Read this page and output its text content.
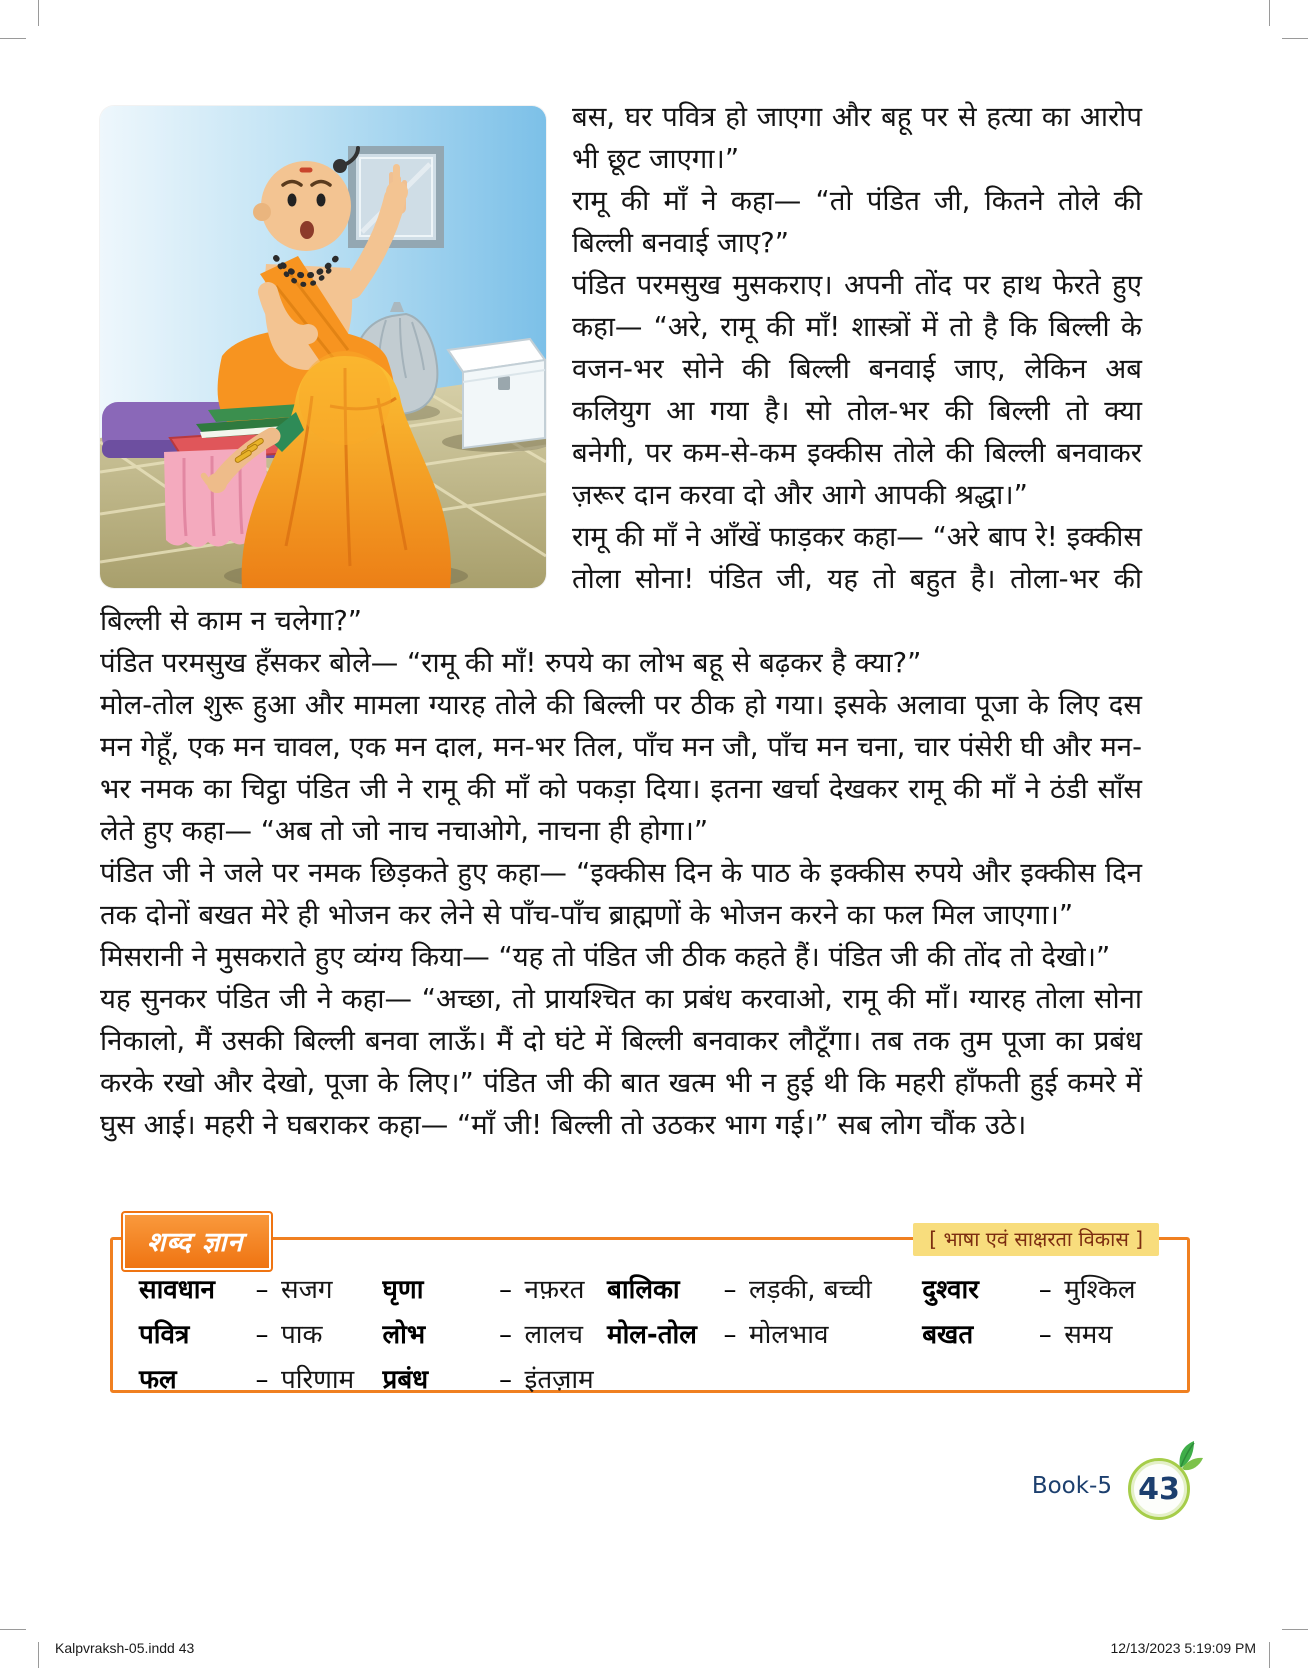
बस, घर पवित्र हो जाएगा और बहू पर से हत्या का आरोप भी छूट जाएगा।”

रामू की माँ ने कहा— “तो पंडित जी, कितने तोले की बिल्ली बनवाई जाए?”

पंडित परमसुख मुसकराए। अपनी तोंद पर हाथ फेरते हुए कहा— “अरे, रामू की माँ! शास्त्रों में तो है कि बिल्ली के वजन-भर सोने की बिल्ली बनवाई जाए, लेकिन अब कलियुग आ गया है। सो तोल-भर की बिल्ली तो क्या बनेगी, पर कम-से-कम इक्कीस तोले की बिल्ली बनवाकर ज़रूर दान करवा दो और आगे आपकी श्रद्धा।”

रामू की माँ ने आँखें फाड़कर कहा— “अरे बाप रे! इक्कीस तोला सोना! पंडित जी, यह तो बहुत है। तोला-भर की बिल्ली से काम न चलेगा?”

पंडित परमसुख हँसकर बोले— “रामू की माँ! रुपये का लोभ बहू से बढ़कर है क्या?”

मोल-तोल शुरू हुआ और मामला ग्यारह तोले की बिल्ली पर ठीक हो गया। इसके अलावा पूजा के लिए दस मन गेहूँ, एक मन चावल, एक मन दाल, मन-भर तिल, पाँच मन जौ, पाँच मन चना, चार पंसेरी घी और मन-भर नमक का चिट्ठा पंडित जी ने रामू की माँ को पकड़ा दिया। इतना खर्चा देखकर रामू की माँ ने ठंडी साँस लेते हुए कहा— “अब तो जो नाच नचाओगे, नाचना ही होगा।”

पंडित जी ने जले पर नमक छिड़कते हुए कहा— “इक्कीस दिन के पाठ के इक्कीस रुपये और इक्कीस दिन तक दोनों बखत मेरे ही भोजन कर लेने से पाँच-पाँच ब्राह्मणों के भोजन करने का फल मिल जाएगा।”

मिसरानी ने मुसकराते हुए व्यंग्य किया— “यह तो पंडित जी ठीक कहते हैं। पंडित जी की तोंद तो देखो।”

यह सुनकर पंडित जी ने कहा— “अच्छा, तो प्रायश्चित का प्रबंध करवाओ, रामू की माँ। ग्यारह तोला सोना निकालो, मैं उसकी बिल्ली बनवा लाऊँ। मैं दो घंटे में बिल्ली बनवाकर लौटूँगा। तब तक तुम पूजा का प्रबंध करके रखो और देखो, पूजा के लिए।” पंडित जी की बात खत्म भी न हुई थी कि महरी हाँफती हुई कमरे में घुस आई। महरी ने घबराकर कहा— “माँ जी! बिल्ली तो उठकर भाग गई।” सब लोग चौंक उठे।

शब्द ज्ञान	[ भाषा एवं साक्षरता विकास ]
सावधान	– सजग घृणा	– नफ़रत बालिका	– लड़की, बच्ची दुश्वार	– मुश्किल
पवित्र	– पाक लोभ	– लालच मोल-तोल	– मोलभाव	बखत	– समय
फल	– परिणाम प्रबंध	– इंतज़ाम
Book-5 43
Kalpvraksh-05.indd 43	12/13/2023 5:19:09 PM
